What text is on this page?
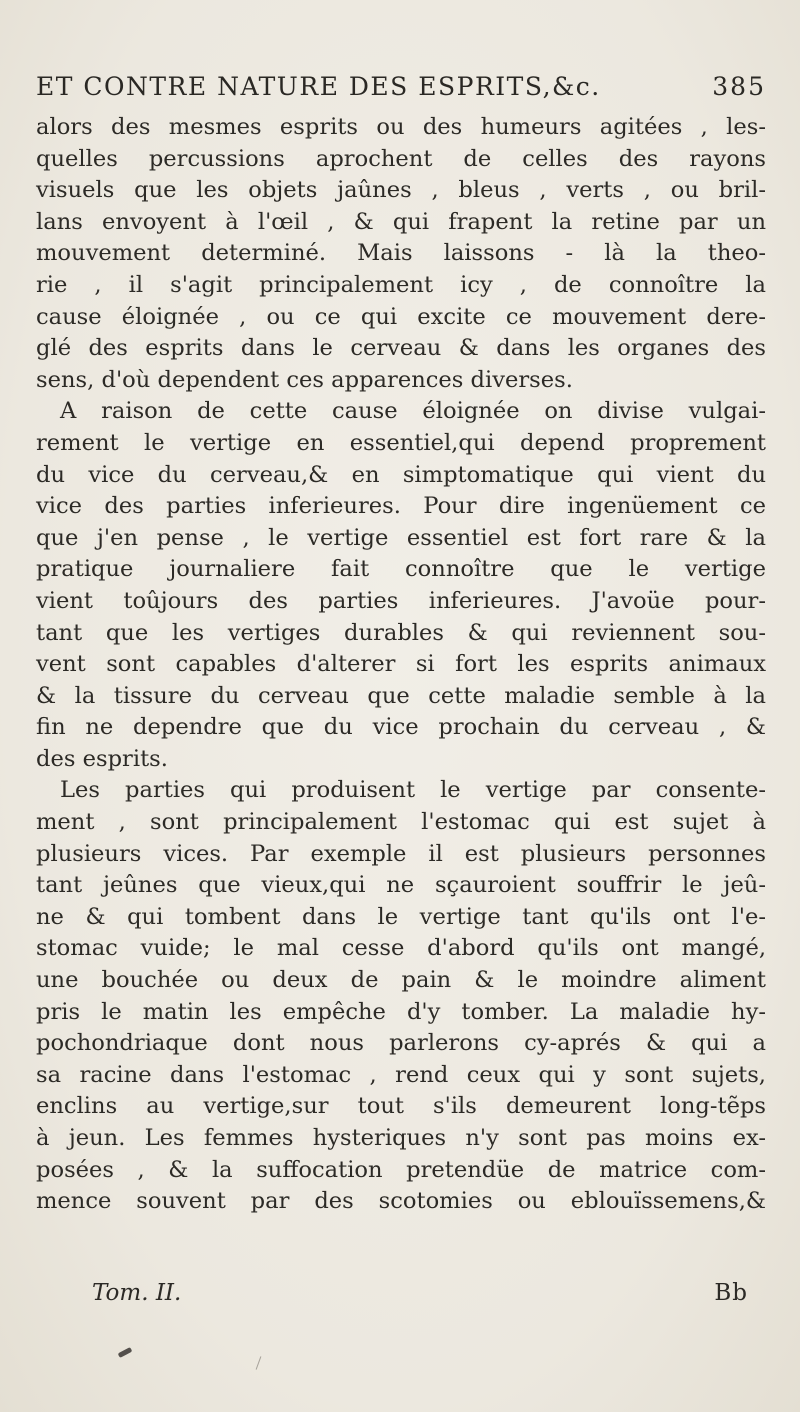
ET CONTRE NATURE DES ESPRITS,&c.	385
alors des mesmes esprits ou des humeurs agitées , les-
quelles percussions aprochent de celles des rayons
visuels que les objets jaûnes , bleus , verts , ou bril-
lans envoyent à l'œil , & qui frapent la retine par un
mouvement determiné. Mais laissons - là la theo-
rie , il s'agit principalement icy , de connoître la
cause éloignée , ou ce qui excite ce mouvement dere-
glé des esprits dans le cerveau & dans les organes des
sens, d'où dependent ces apparences diverses.
A raison de cette cause éloignée on divise vulgai-
rement le vertige en essentiel,qui depend proprement
du vice du cerveau,& en simptomatique qui vient du
vice des parties inferieures. Pour dire ingenüement ce
que j'en pense , le vertige essentiel est fort rare & la
pratique journaliere fait connoître que le vertige
vient toûjours des parties inferieures. J'avoüe pour-
tant que les vertiges durables & qui reviennent sou-
vent sont capables d'alterer si fort les esprits animaux
& la tissure du cerveau que cette maladie semble à la
fin ne dependre que du vice prochain du cerveau , &
des esprits.
Les parties qui produisent le vertige par consente-
ment , sont principalement l'estomac qui est sujet à
plusieurs vices. Par exemple il est plusieurs personnes
tant jeûnes que vieux,qui ne sçauroient souffrir le jeû-
ne & qui tombent dans le vertige tant qu'ils ont l'e-
stomac vuide; le mal cesse d'abord qu'ils ont mangé,
une bouchée ou deux de pain & le moindre aliment
pris le matin les empêche d'y tomber. La maladie hy-
pochondriaque dont nous parlerons cy-aprés & qui a
sa racine dans l'estomac , rend ceux qui y sont sujets,
enclins au vertige,sur tout s'ils demeurent long-tẽps
à jeun. Les femmes hysteriques n'y sont pas moins ex-
posées , & la suffocation pretendüe de matrice com-
mence souvent par des scotomies ou eblouïssemens,&
Tom. II.	Bb
